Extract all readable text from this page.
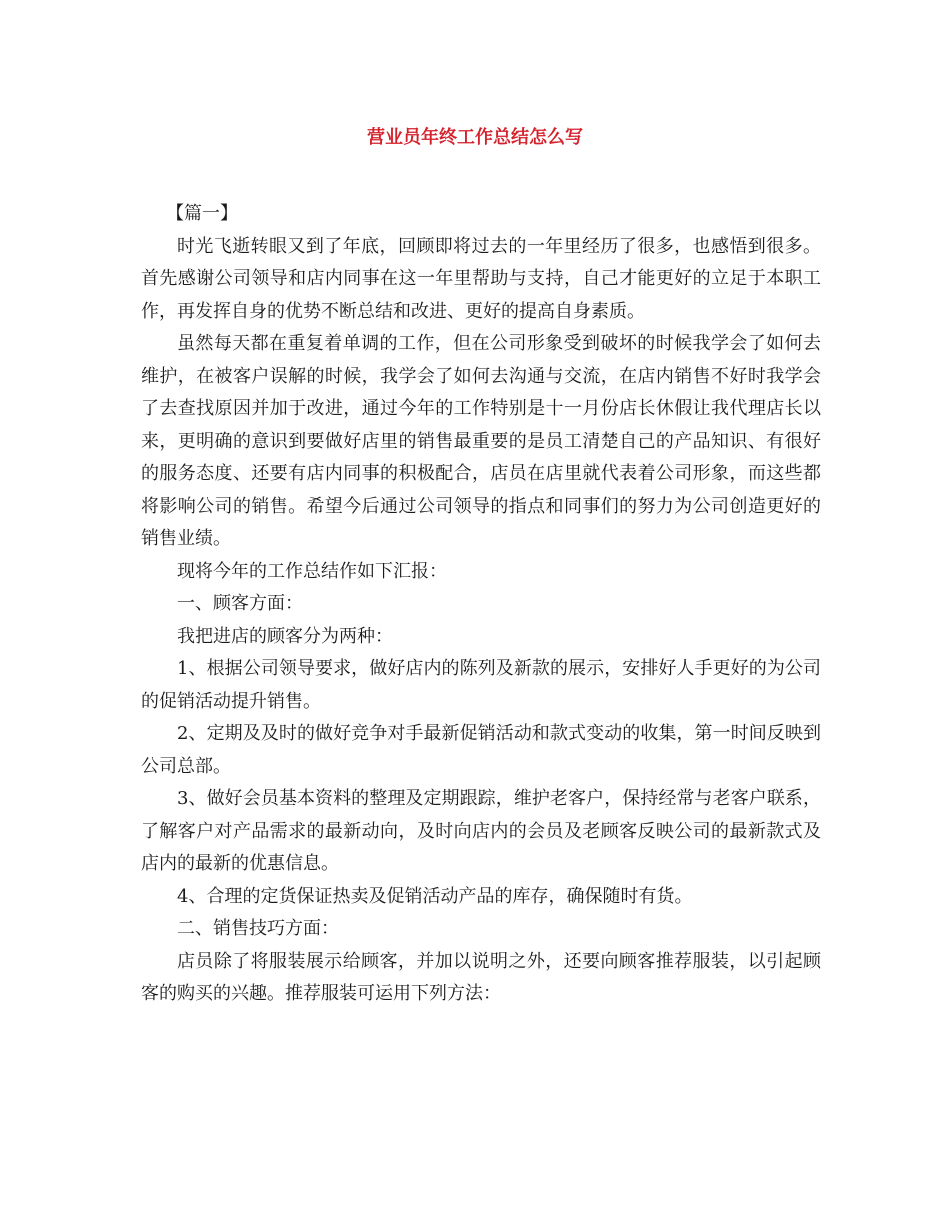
营业员年终工作总结怎么写

【篇一】

时光飞逝转眼又到了年底，回顾即将过去的一年里经历了很多，也感悟到很多。首先感谢公司领导和店内同事在这一年里帮助与支持，自己才能更好的立足于本职工作，再发挥自身的优势不断总结和改进、更好的提高自身素质。

虽然每天都在重复着单调的工作，但在公司形象受到破坏的时候我学会了如何去维护，在被客户误解的时候，我学会了如何去沟通与交流，在店内销售不好时我学会了去查找原因并加于改进，通过今年的工作特别是十一月份店长休假让我代理店长以来，更明确的意识到要做好店里的销售最重要的是员工清楚自己的产品知识、有很好的服务态度、还要有店内同事的积极配合，店员在店里就代表着公司形象，而这些都将影响公司的销售。希望今后通过公司领导的指点和同事们的努力为公司创造更好的销售业绩。

现将今年的工作总结作如下汇报：

一、顾客方面：

我把进店的顾客分为两种：

1、根据公司领导要求，做好店内的陈列及新款的展示，安排好人手更好的为公司的促销活动提升销售。

2、定期及及时的做好竞争对手最新促销活动和款式变动的收集，第一时间反映到公司总部。

3、做好会员基本资料的整理及定期跟踪，维护老客户，保持经常与老客户联系，了解客户对产品需求的最新动向，及时向店内的会员及老顾客反映公司的最新款式及店内的最新的优惠信息。

4、合理的定货保证热卖及促销活动产品的库存，确保随时有货。

二、销售技巧方面：

店员除了将服装展示给顾客，并加以说明之外，还要向顾客推荐服装，以引起顾客的购买的兴趣。推荐服装可运用下列方法：
